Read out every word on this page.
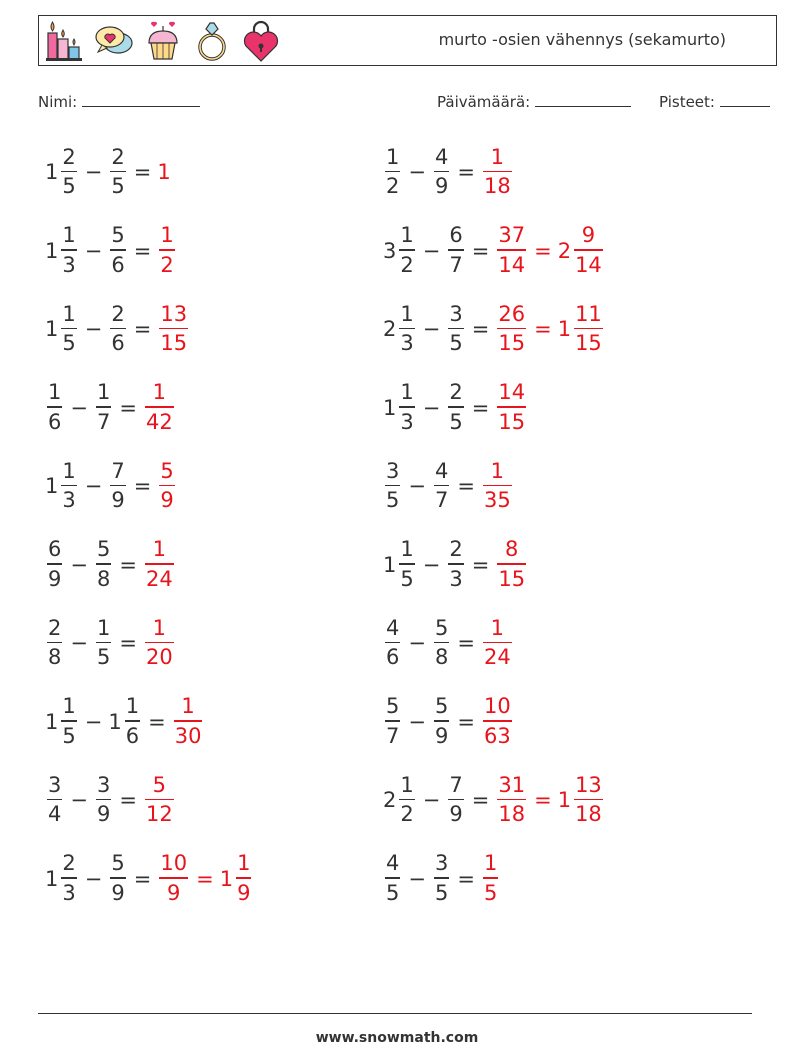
murto -osien vähennys (sekamurto)
Nimi:	Päivämäärä:	Pisteet:
$1 \frac{2}{5} - \frac{2}{5} = 1$	$\frac{1}{2} - \frac{4}{9} = \frac{1}{18}$
$1 \frac{1}{3} - \frac{5}{6} = \frac{1}{2}$	$3 \frac{1}{2} - \frac{6}{7} = \frac{37}{14} = 2 \frac{9}{14}$
$1 \frac{1}{5} - \frac{2}{6} = \frac{13}{15}$	$2 \frac{1}{3} - \frac{3}{5} = \frac{26}{15} = 1 \frac{11}{15}$
$\frac{1}{6} - \frac{1}{7} = \frac{1}{42}$	$1 \frac{1}{3} - \frac{2}{5} = \frac{14}{15}$
$1 \frac{1}{3} - \frac{7}{9} = \frac{5}{9}$	$\frac{3}{5} - \frac{4}{7} = \frac{1}{35}$
$\frac{6}{9} - \frac{5}{8} = \frac{1}{24}$	$1 \frac{1}{5} - \frac{2}{3} = \frac{8}{15}$
$\frac{2}{8} - \frac{1}{5} = \frac{1}{20}$	$\frac{4}{6} - \frac{5}{8} = \frac{1}{24}$
$1 \frac{1}{5} - 1 \frac{1}{6} = \frac{1}{30}$	$\frac{5}{7} - \frac{5}{9} = \frac{10}{63}$
$\frac{3}{4} - \frac{3}{9} = \frac{5}{12}$	$2 \frac{1}{2} - \frac{7}{9} = \frac{31}{18} = 1 \frac{13}{18}$
$1 \frac{2}{3} - \frac{5}{9} = \frac{10}{9} = 1 \frac{1}{9}$	$\frac{4}{5} - \frac{3}{5} = \frac{1}{5}$
www.snowmath.com
